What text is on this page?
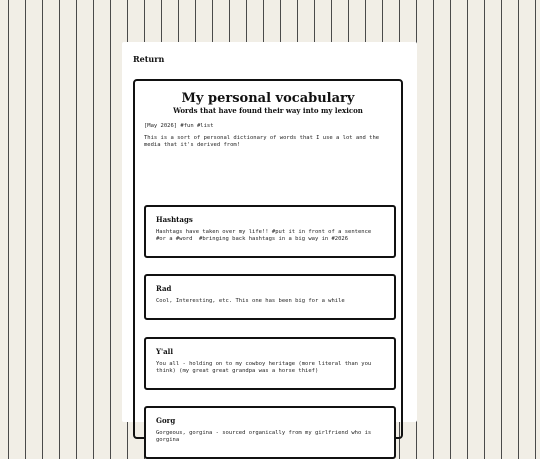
Return
My personal vocabulary
Words that have found their way into my lexicon
[May 2026] #fun #list
This is a sort of personal dictionary of words that I use a lot and the media that it's derived from!
Hashtags
Hashtags have taken over my life!! #put it in front of a sentence #or a #word  #bringing back hashtags in a big way in #2026
Rad
Cool, Interesting, etc. This one has been big for a while
Y'all
You all - holding on to my cowboy heritage (more literal than you think) (my great great grandpa was a horse thief)
Gorg
Gorgeous, gorgina - sourced organically from my girlfriend who is gorgina
